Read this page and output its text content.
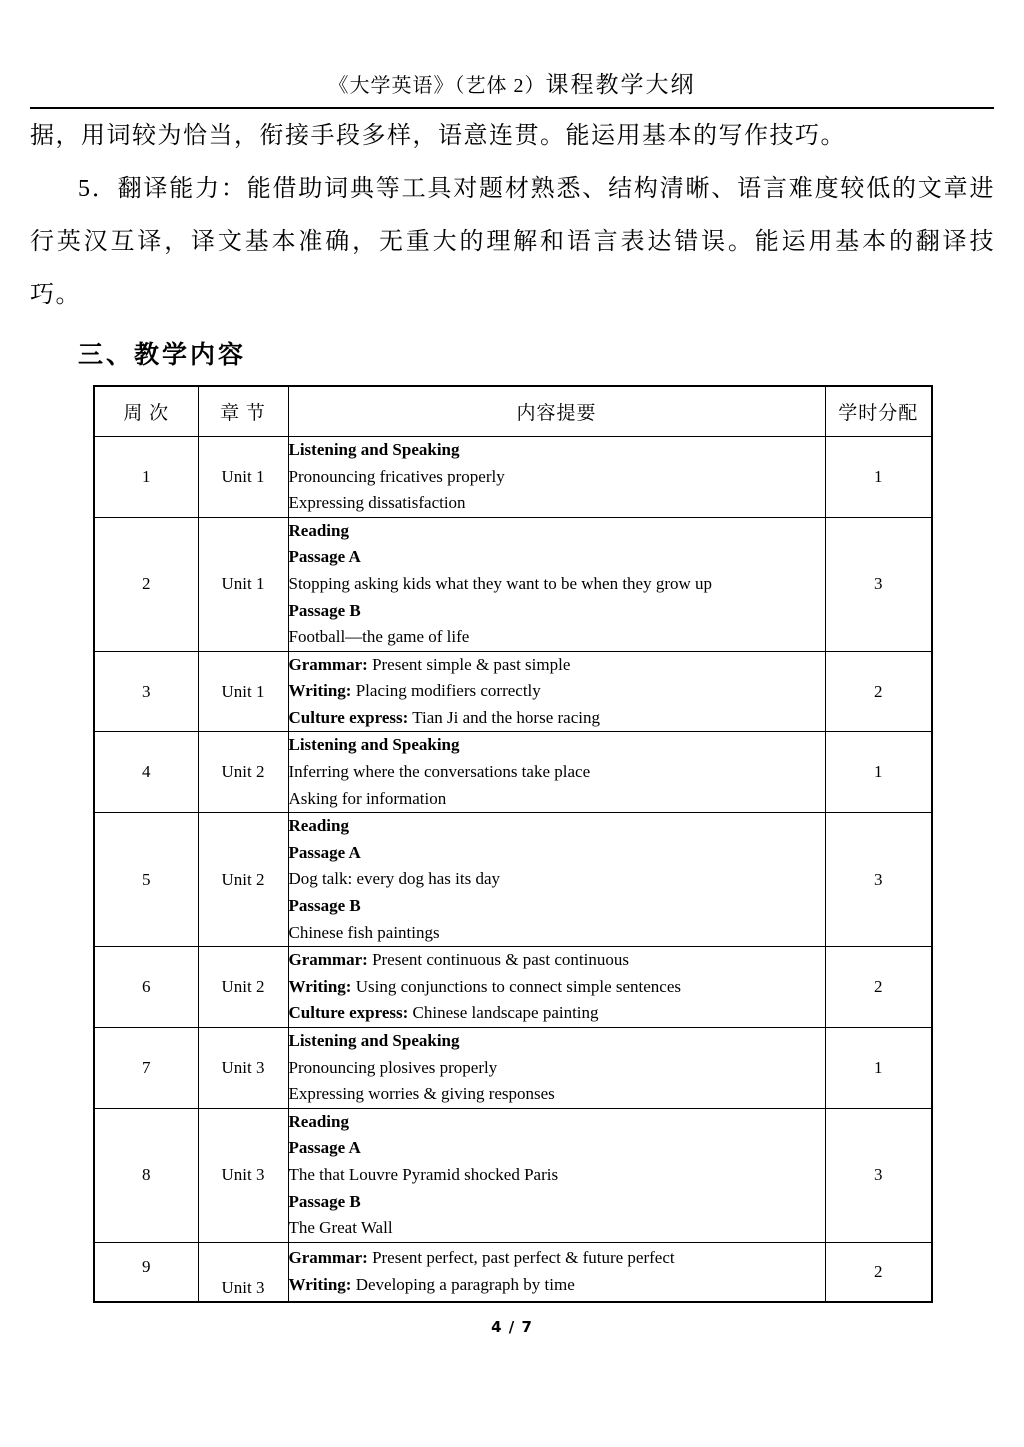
《大学英语》（艺体 2）课程教学大纲

据，用词较为恰当，衔接手段多样，语意连贯。能运用基本的写作技巧。

5．翻译能力：能借助词典等工具对题材熟悉、结构清晰、语言难度较低的文章进行英汉互译，译文基本准确，无重大的理解和语言表达错误。能运用基本的翻译技巧。

三、教学内容
周 次	章 节	内容提要	学时分配
1	Unit 1	Listening and Speaking
Pronouncing fricatives properly
Expressing dissatisfaction	1
2	Unit 1	Reading
Passage A
Stopping asking kids what they want to be when they grow up
Passage B
Football—the game of life	3
3	Unit 1	Grammar: Present simple & past simple
Writing: Placing modifiers correctly
Culture express: Tian Ji and the horse racing	2
4	Unit 2	Listening and Speaking
Inferring where the conversations take place
Asking for information	1
5	Unit 2	Reading
Passage A
Dog talk: every dog has its day
Passage B
Chinese fish paintings	3
6	Unit 2	Grammar: Present continuous & past continuous
Writing: Using conjunctions to connect simple sentences
Culture express: Chinese landscape painting	2
7	Unit 3	Listening and Speaking
Pronouncing plosives properly
Expressing worries & giving responses	1
8	Unit 3	Reading
Passage A
The that Louvre Pyramid shocked Paris
Passage B
The Great Wall	3
9	Unit 3	Grammar: Present perfect, past perfect & future perfect
Writing: Developing a paragraph by time	2
4 / 7
